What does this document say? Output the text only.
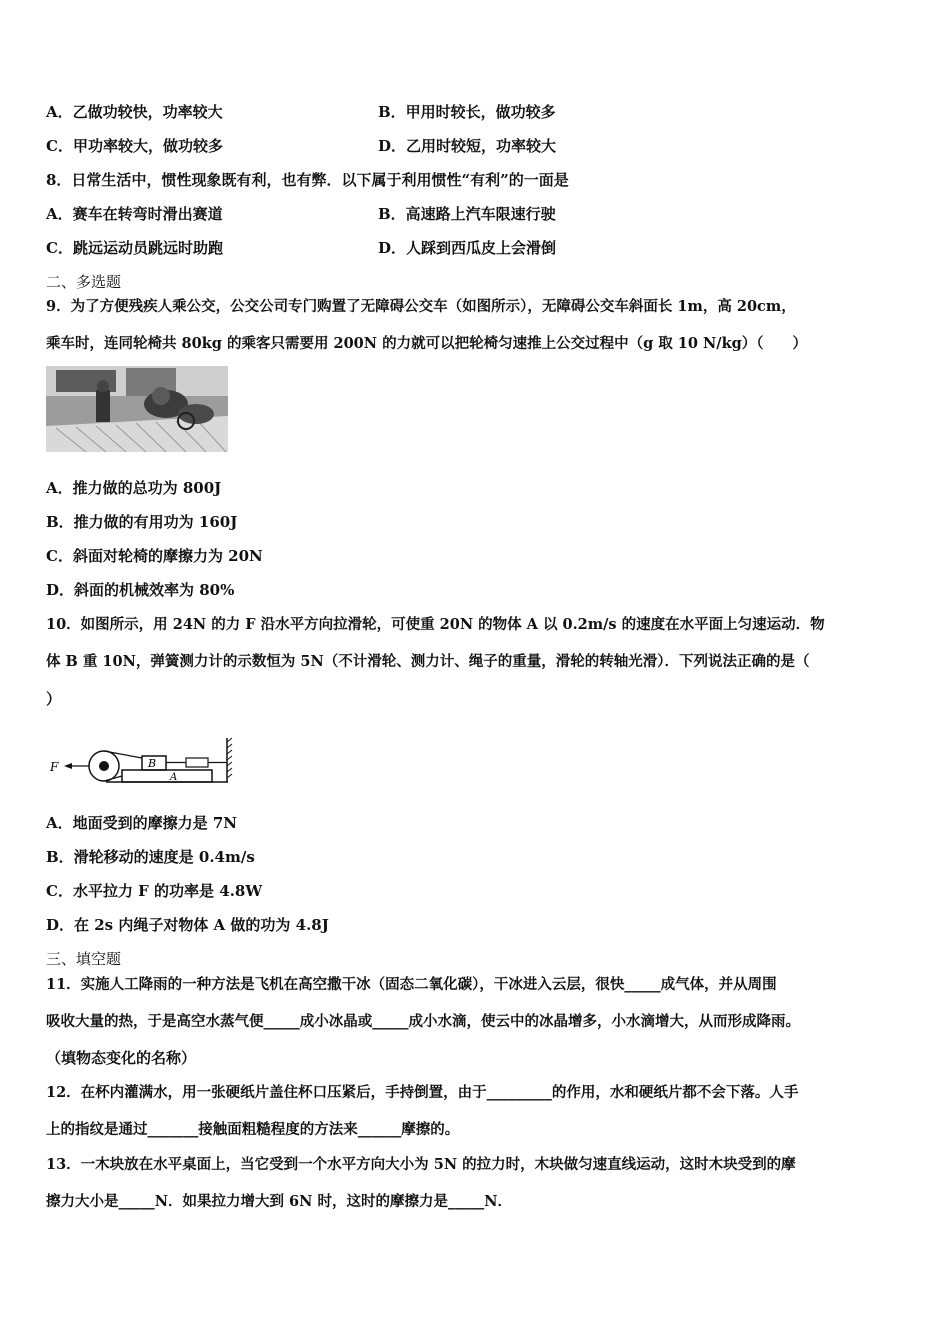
A．乙做功较快，功率较大	B．甲用时较长，做功较多
C．甲功率较大，做功较多	D．乙用时较短，功率较大
8．日常生活中，惯性现象既有利，也有弊．以下属于利用惯性“有利”的一面是
A．赛车在转弯时滑出赛道	B．高速路上汽车限速行驶
C．跳远运动员跳远时助跑	D．人踩到西瓜皮上会滑倒
二、多选题
9．为了方便残疾人乘公交，公交公司专门购置了无障碍公交车（如图所示），无障碍公交车斜面长 1m，高 20cm，
乘车时，连同轮椅共 80kg 的乘客只需要用 200N 的力就可以把轮椅匀速推上公交过程中（g 取 10 N/kg）（　　）
A．推力做的总功为 800J
B．推力做的有用功为 160J
C．斜面对轮椅的摩擦力为 20N
D．斜面的机械效率为 80%
10．如图所示，用 24N 的力 F 沿水平方向拉滑轮，可使重 20N 的物体 A 以 0.2m/s 的速度在水平面上匀速运动．物
体 B 重 10N，弹簧测力计的示数恒为 5N（不计滑轮、测力计、绳子的重量，滑轮的转轴光滑）．下列说法正确的是（
）
A
B
F
A．地面受到的摩擦力是 7N
B．滑轮移动的速度是 0.4m/s
C．水平拉力 F 的功率是 4.8W
D．在 2s 内绳子对物体 A 做的功为 4.8J
三、填空题
11．实施人工降雨的一种方法是飞机在高空撒干冰（固态二氧化碳），干冰进入云层，很快_____成气体，并从周围
吸收大量的热，于是高空水蒸气便_____成小冰晶或_____成小水滴，使云中的冰晶增多，小水滴增大，从而形成降雨。
（填物态变化的名称）
12．在杯内灌满水，用一张硬纸片盖住杯口压紧后，手持倒置，由于_________的作用，水和硬纸片都不会下落。人手
上的指纹是通过_______接触面粗糙程度的方法来______摩擦的。
13．一木块放在水平桌面上，当它受到一个水平方向大小为 5N 的拉力时，木块做匀速直线运动，这时木块受到的摩
擦力大小是_____N．如果拉力增大到 6N 时，这时的摩擦力是_____N．
